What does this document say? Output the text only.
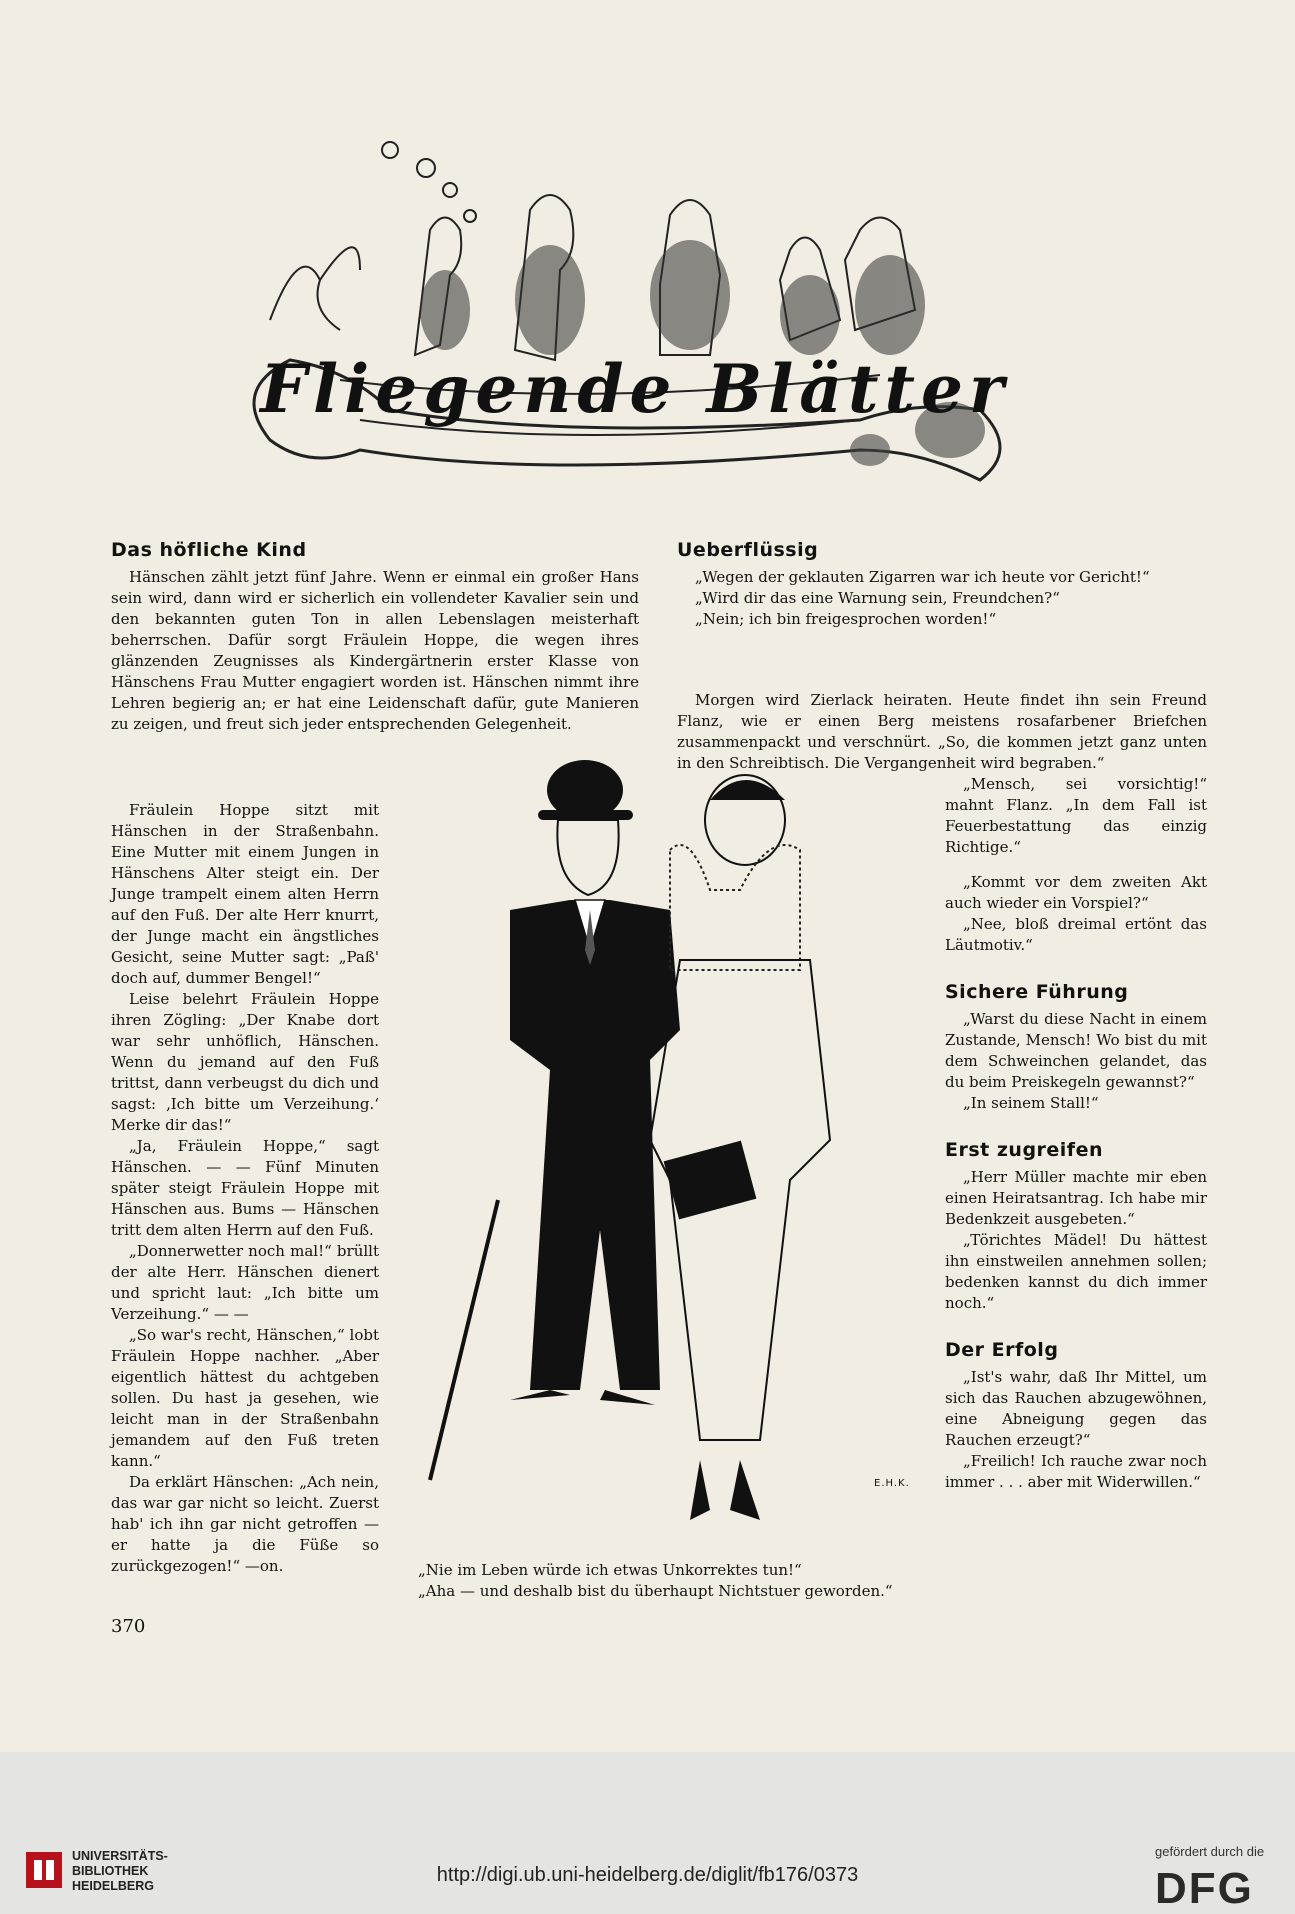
Fliegende Blätter
Das höfliche Kind

Hänschen zählt jetzt fünf Jahre. Wenn er einmal ein großer Hans sein wird, dann wird er sicherlich ein vollendeter Kavalier sein und den bekannten guten Ton in allen Lebenslagen meisterhaft beherrschen. Dafür sorgt Fräulein Hoppe, die wegen ihres glänzenden Zeugnisses als Kindergärtnerin erster Klasse von Hänschens Frau Mutter engagiert worden ist. Hänschen nimmt ihre Lehren begierig an; er hat eine Leidenschaft dafür, gute Manieren zu zeigen, und freut sich jeder entsprechenden Gelegenheit.

Fräulein Hoppe sitzt mit Hänschen in der Straßenbahn. Eine Mutter mit einem Jungen in Hänschens Alter steigt ein. Der Junge trampelt einem alten Herrn auf den Fuß. Der alte Herr knurrt, der Junge macht ein ängstliches Gesicht, seine Mutter sagt: „Paß' doch auf, dummer Bengel!“

Leise belehrt Fräulein Hoppe ihren Zögling: „Der Knabe dort war sehr unhöflich, Hänschen. Wenn du jemand auf den Fuß trittst, dann verbeugst du dich und sagst: ‚Ich bitte um Verzeihung.‘ Merke dir das!“

„Ja, Fräulein Hoppe,“ sagt Hänschen. — — Fünf Minuten später steigt Fräulein Hoppe mit Hänschen aus. Bums — Hänschen tritt dem alten Herrn auf den Fuß.

„Donnerwetter noch mal!“ brüllt der alte Herr. Hänschen dienert und spricht laut: „Ich bitte um Verzeihung.“ — —

„So war's recht, Hänschen,“ lobt Fräulein Hoppe nachher. „Aber eigentlich hättest du achtgeben sollen. Du hast ja gesehen, wie leicht man in der Straßenbahn jemandem auf den Fuß treten kann.“

Da erklärt Hänschen: „Ach nein, das war gar nicht so leicht. Zuerst hab' ich ihn gar nicht getroffen — er hatte ja die Füße so zurückgezogen!“ —on.

Ueberflüssig

„Wegen der geklauten Zigarren war ich heute vor Gericht!“

„Wird dir das eine Warnung sein, Freundchen?“

„Nein; ich bin freigesprochen worden!“

Morgen wird Zierlack heiraten. Heute findet ihn sein Freund Flanz, wie er einen Berg meistens rosafarbener Briefchen zusammenpackt und verschnürt. „So, die kommen jetzt ganz unten in den Schreibtisch. Die Vergangenheit wird begraben.“

„Mensch, sei vorsichtig!“ mahnt Flanz. „In dem Fall ist Feuerbestattung das einzig Richtige.“

„Kommt vor dem zweiten Akt auch wieder ein Vorspiel?“

„Nee, bloß dreimal ertönt das Läutmotiv.“

Sichere Führung

„Warst du diese Nacht in einem Zustande, Mensch! Wo bist du mit dem Schweinchen gelandet, das du beim Preiskegeln gewannst?“

„In seinem Stall!“

Erst zugreifen

„Herr Müller machte mir eben einen Heiratsantrag. Ich habe mir Bedenkzeit ausgebeten.“

„Törichtes Mädel! Du hättest ihn einstweilen annehmen sollen; bedenken kannst du dich immer noch.“

Der Erfolg

„Ist's wahr, daß Ihr Mittel, um sich das Rauchen abzugewöhnen, eine Abneigung gegen das Rauchen erzeugt?“

„Freilich! Ich rauche zwar noch immer . . . aber mit Widerwillen.“

E.H.K.
„Nie im Leben würde ich etwas Unkorrektes tun!“
„Aha — und deshalb bist du überhaupt Nichtstuer geworden.“
370
UNIVERSITÄTS-
BIBLIOTHEK
HEIDELBERG	http://digi.ub.uni-heidelberg.de/diglit/fb176/0373
gefördert durch die
DFG
